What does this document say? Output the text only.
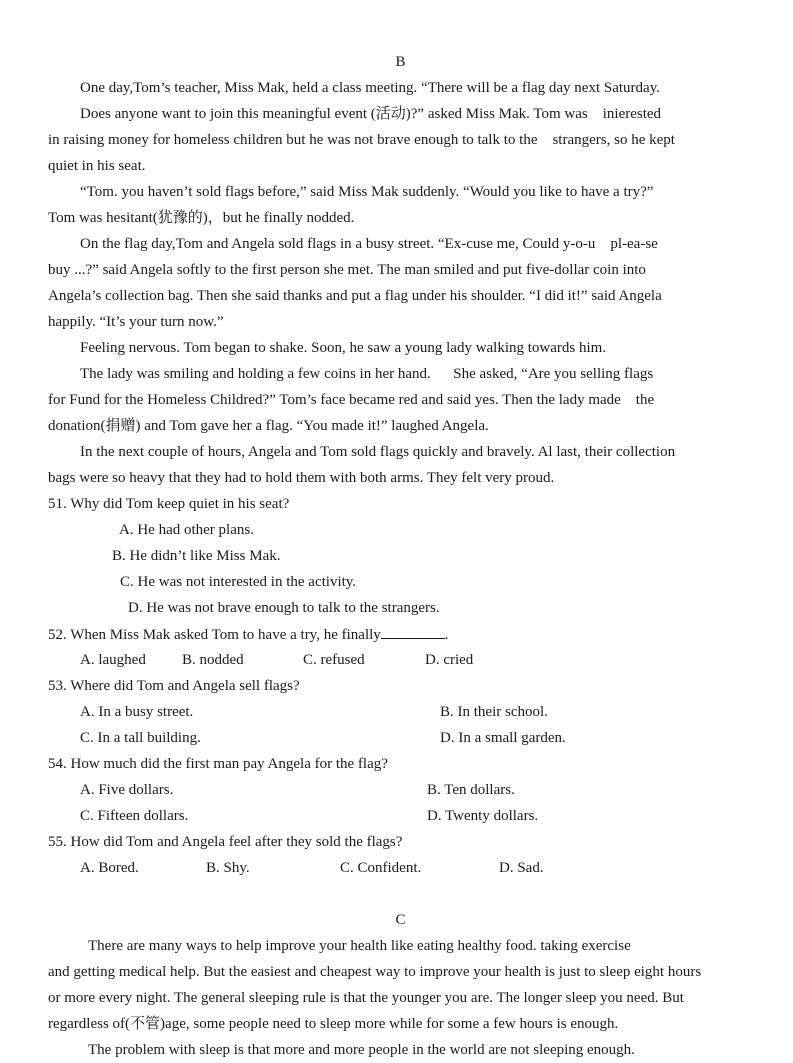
B
One day,Tom’s teacher, Miss Mak, held a class meeting. “There will be a flag day next Saturday.
Does anyone want to join this meaningful event (活动)?” asked Miss Mak. Tom was    inierested
in raising money for homeless children but he was not brave enough to talk to the    strangers, so he kept
quiet in his seat.
“Tom. you haven’t sold flags before,” said Miss Mak suddenly. “Would you like to have a try?”
Tom was hesitant(犹豫的)，but he finally nodded.
On the flag day,Tom and Angela sold flags in a busy street. “Ex-cuse me, Could y-o-u    pl-ea-se
buy ...?” said Angela softly to the first person she met. The man smiled and put five-dollar coin into
Angela’s collection bag. Then she said thanks and put a flag under his shoulder. “I did it!” said Angela
happily. “It’s your turn now.”
Feeling nervous. Tom began to shake. Soon, he saw a young lady walking towards him.
The lady was smiling and holding a few coins in her hand.      She asked, “Are you selling flags
for Fund for the Homeless Childred?” Tom’s face became red and said yes. Then the lady made    the
donation(捐赠) and Tom gave her a flag. “You made it!” laughed Angela.
In the next couple of hours, Angela and Tom sold flags quickly and bravely. Al last, their collection
bags were so heavy that they had to hold them with both arms. They felt very proud.
51. Why did Tom keep quiet in his seat?
A. He had other plans.
B. He didn’t like Miss Mak.
C. He was not interested in the activity.
D. He was not brave enough to talk to the strangers.
52. When Miss Mak asked Tom to have a try, he finally	.
A. laughed B. nodded	C. refused	D. cried
53. Where did Tom and Angela sell flags?
A. In a busy street.	B. In their school.
C. In a tall building.	D. In a small garden.
54. How much did the first man pay Angela for the flag?
A. Five dollars.	B. Ten dollars.
C. Fifteen dollars.	D. Twenty dollars.
55. How did Tom and Angela feel after they sold the flags?
A. Bored.	B. Shy.	C. Confident.	D. Sad.
C
There are many ways to help improve your health like eating healthy food. taking exercise
and getting medical help. But the easiest and cheapest way to improve your health is just to sleep eight hours
or more every night. The general sleeping rule is that the younger you are. The longer sleep you need. But
regardless of(不管)age, some people need to sleep more while for some a few hours is enough.
The problem with sleep is that more and more people in the world are not sleeping enough.
